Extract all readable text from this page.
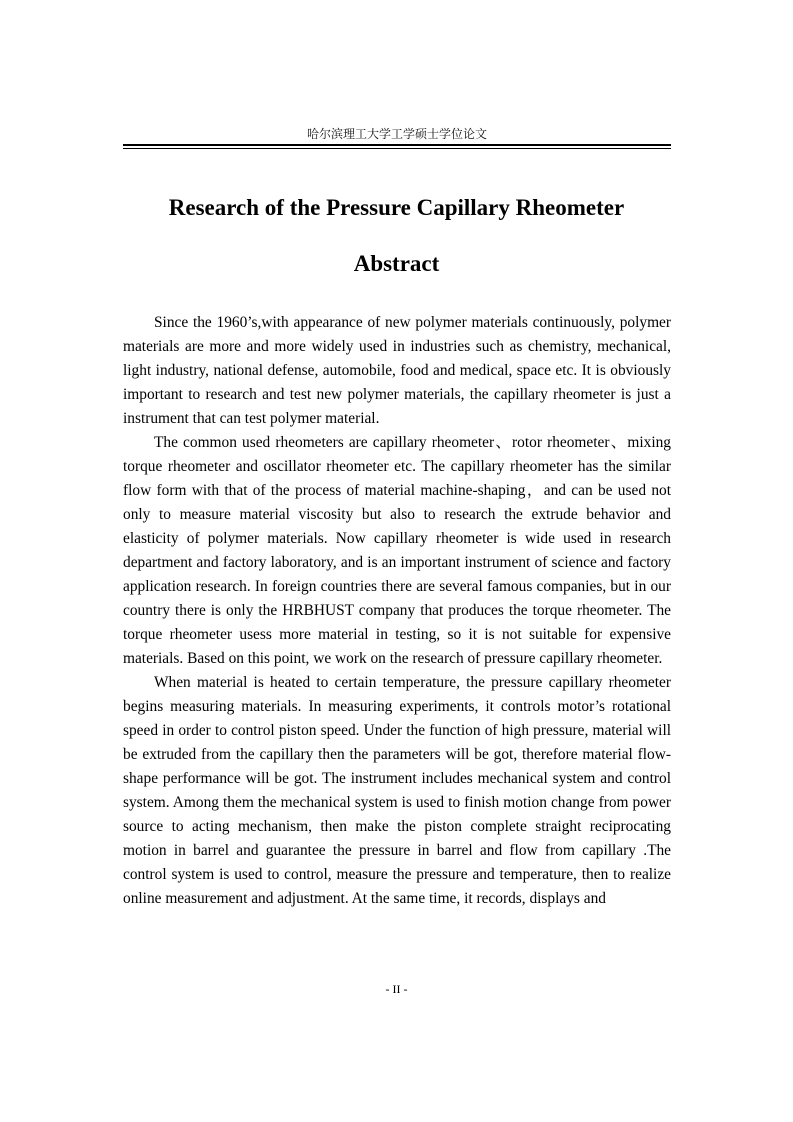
哈尔滨理工大学工学硕士学位论文
Research of the Pressure Capillary Rheometer
Abstract

Since the 1960’s,with appearance of new polymer materials continuously, polymer materials are more and more widely used in industries such as chemistry, mechanical, light industry, national defense, automobile, food and medical, space etc. It is obviously important to research and test new polymer materials, the capillary rheometer is just a instrument that can test polymer material.

The common used rheometers are capillary rheometer、rotor rheometer、mixing torque rheometer and oscillator rheometer etc. The capillary rheometer has the similar flow form with that of the process of material machine-shaping，and can be used not only to measure material viscosity but also to research the extrude behavior and elasticity of polymer materials. Now capillary rheometer is wide used in research department and factory laboratory, and is an important instrument of science and factory application research. In foreign countries there are several famous companies, but in our country there is only the HRBHUST company that produces the torque rheometer. The torque rheometer usess more material in testing, so it is not suitable for expensive materials. Based on this point, we work on the research of pressure capillary rheometer.

When material is heated to certain temperature, the pressure capillary rheometer begins measuring materials. In measuring experiments, it controls motor’s rotational speed in order to control piston speed. Under the function of high pressure, material will be extruded from the capillary then the parameters will be got, therefore material flow-shape performance will be got. The instrument includes mechanical system and control system. Among them the mechanical system is used to finish motion change from power source to acting mechanism, then make the piston complete straight reciprocating motion in barrel and guarantee the pressure in barrel and flow from capillary .The control system is used to control, measure the pressure and temperature, then to realize online measurement and adjustment. At the same time, it records, displays and

- II -
